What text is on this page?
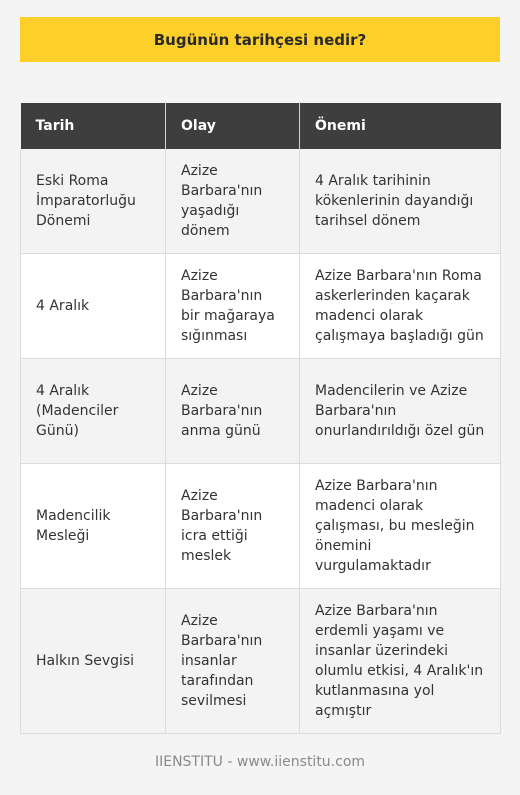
Bugünün tarihçesi nedir?
Tarih	Olay	Önemi
Eski Roma İmparatorluğu Dönemi	Azize Barbara'nın yaşadığı dönem	4 Aralık tarihinin kökenlerinin dayandığı tarihsel dönem
4 Aralık	Azize Barbara'nın bir mağaraya sığınması	Azize Barbara'nın Roma askerlerinden kaçarak madenci olarak çalışmaya başladığı gün
4 Aralık (Madenciler Günü)	Azize Barbara'nın anma günü	Madencilerin ve Azize Barbara'nın onurlandırıldığı özel gün
Madencilik Mesleği	Azize Barbara'nın icra ettiği meslek	Azize Barbara'nın madenci olarak çalışması, bu mesleğin önemini vurgulamaktadır
Halkın Sevgisi	Azize Barbara'nın insanlar tarafından sevilmesi	Azize Barbara'nın erdemli yaşamı ve insanlar üzerindeki olumlu etkisi, 4 Aralık'ın kutlanmasına yol açmıştır
IIENSTITU - www.iienstitu.com
